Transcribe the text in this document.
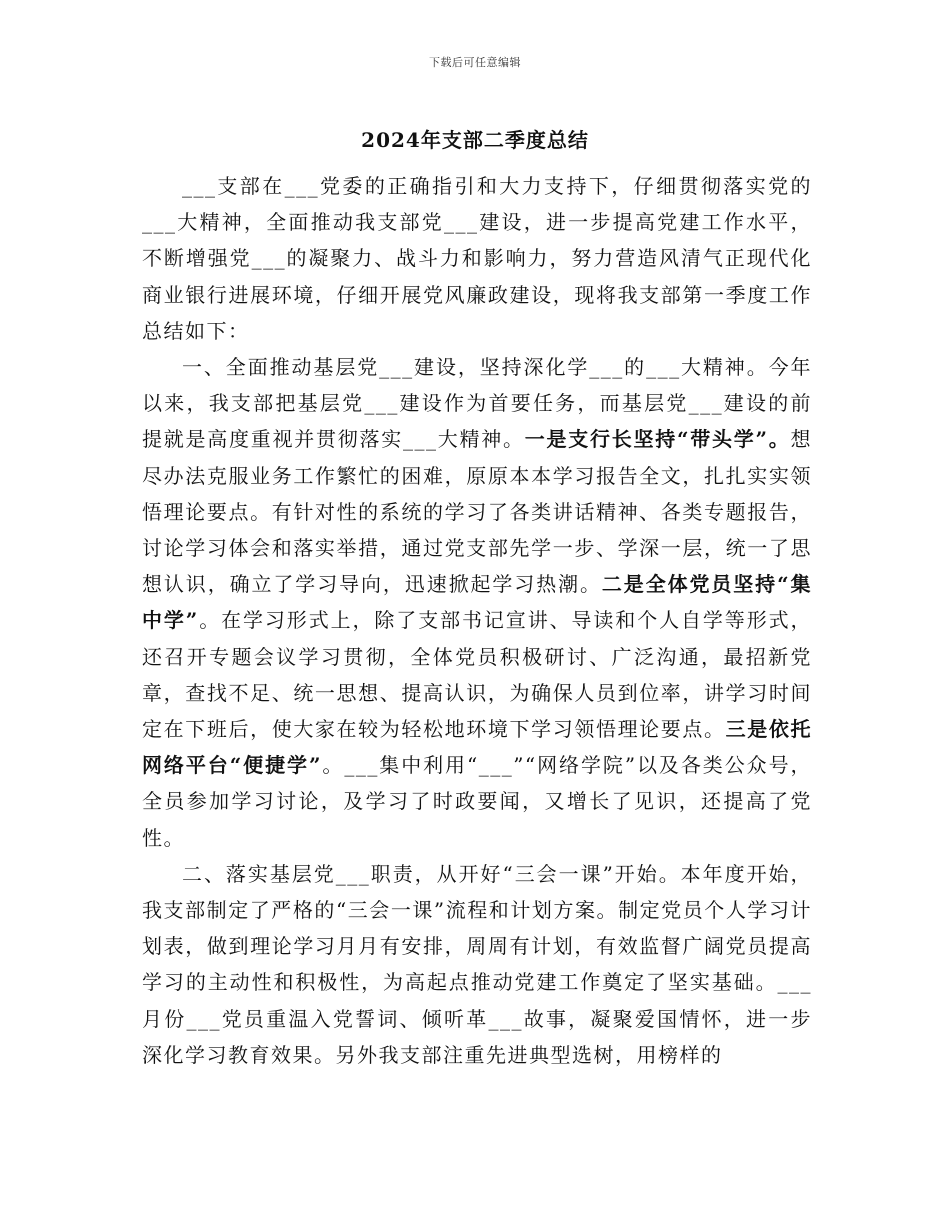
下载后可任意编辑
2024年支部二季度总结

___支部在___党委的正确指引和大力支持下，仔细贯彻落实党的___大精神，全面推动我支部党___建设，进一步提高党建工作水平，不断增强党___的凝聚力、战斗力和影响力，努力营造风清气正现代化商业银行进展环境，仔细开展党风廉政建设，现将我支部第一季度工作总结如下：

一、全面推动基层党___建设，坚持深化学___的___大精神。今年以来，我支部把基层党___建设作为首要任务，而基层党___建设的前提就是高度重视并贯彻落实___大精神。一是支行长坚持“带头学”。想尽办法克服业务工作繁忙的困难，原原本本学习报告全文，扎扎实实领悟理论要点。有针对性的系统的学习了各类讲话精神、各类专题报告，讨论学习体会和落实举措，通过党支部先学一步、学深一层，统一了思想认识，确立了学习导向，迅速掀起学习热潮。二是全体党员坚持“集中学”。在学习形式上，除了支部书记宣讲、导读和个人自学等形式，还召开专题会议学习贯彻，全体党员积极研讨、广泛沟通，最招新党章，查找不足、统一思想、提高认识，为确保人员到位率，讲学习时间定在下班后，使大家在较为轻松地环境下学习领悟理论要点。三是依托网络平台“便捷学”。___集中利用“___”“网络学院”以及各类公众号，全员参加学习讨论，及学习了时政要闻，又增长了见识，还提高了党性。

二、落实基层党___职责，从开好“三会一课”开始。本年度开始，我支部制定了严格的“三会一课”流程和计划方案。制定党员个人学习计划表，做到理论学习月月有安排，周周有计划，有效监督广阔党员提高学习的主动性和积极性，为高起点推动党建工作奠定了坚实基础。___月份___党员重温入党誓词、倾听革___故事，凝聚爱国情怀，进一步深化学习教育效果。另外我支部注重先进典型选树，用榜样的
